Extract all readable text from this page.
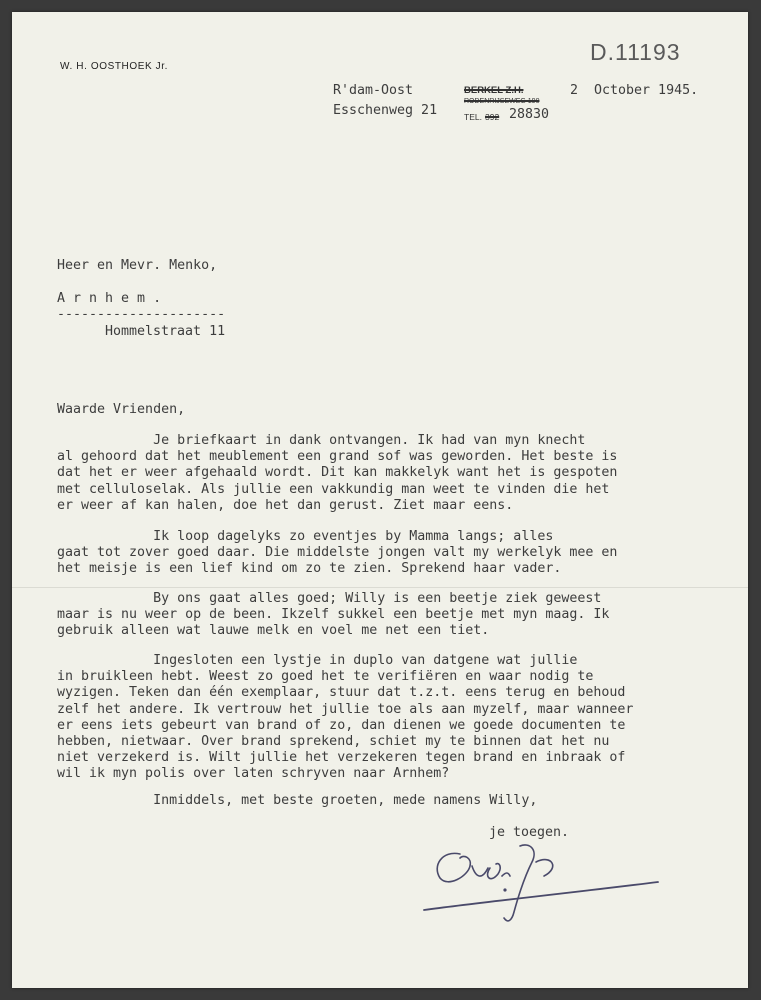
D.11193
W. H. OOSTHOEK Jr.
R'dam-Oost
Esschenweg 21
BERKEL Z.H.
RODENRIJSEWEG 190
TEL. 392 28830
2  October 1945.
Heer en Mevr. Menko,
A r n h e m .
---------------------
Hommelstraat 11
Waarde Vrienden,
Je briefkaart in dank ontvangen. Ik had van myn knecht
al gehoord dat het meublement een grand sof was geworden. Het beste is
dat het er weer afgehaald wordt. Dit kan makkelyk want het is gespoten
met celluloselak. Als jullie een vakkundig man weet te vinden die het
er weer af kan halen, doe het dan gerust. Ziet maar eens.
Ik loop dagelyks zo eventjes by Mamma langs; alles
gaat tot zover goed daar. Die middelste jongen valt my werkelyk mee en
het meisje is een lief kind om zo te zien. Sprekend haar vader.
By ons gaat alles goed; Willy is een beetje ziek geweest
maar is nu weer op de been. Ikzelf sukkel een beetje met myn maag. Ik
gebruik alleen wat lauwe melk en voel me net een tiet.
Ingesloten een lystje in duplo van datgene wat jullie
in bruikleen hebt. Weest zo goed het te verifiëren en waar nodig te
wyzigen. Teken dan één exemplaar, stuur dat t.z.t. eens terug en behoud
zelf het andere. Ik vertrouw het jullie toe als aan myzelf, maar wanneer
er eens iets gebeurt van brand of zo, dan dienen we goede documenten te
hebben, nietwaar. Over brand sprekend, schiet my te binnen dat het nu
niet verzekerd is. Wilt jullie het verzekeren tegen brand en inbraak of
wil ik myn polis over laten schryven naar Arnhem?
Inmiddels, met beste groeten, mede namens Willy,
je toegen.
